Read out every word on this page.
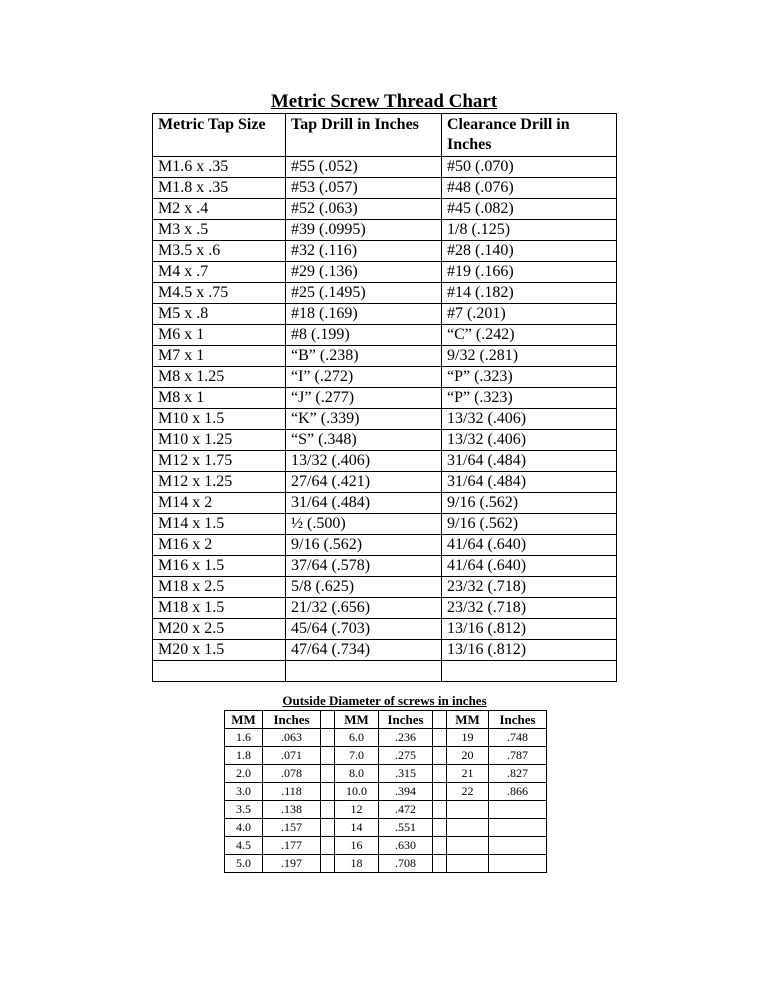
Metric Screw Thread Chart
Metric Tap Size	Tap Drill in Inches	Clearance Drill in Inches
M1.6 x .35	#55 (.052)	#50 (.070)
M1.8 x .35	#53 (.057)	#48 (.076)
M2 x .4	#52 (.063)	#45 (.082)
M3 x .5	#39 (.0995)	1/8 (.125)
M3.5 x .6	#32 (.116)	#28 (.140)
M4 x .7	#29 (.136)	#19 (.166)
M4.5 x .75	#25 (.1495)	#14 (.182)
M5 x .8	#18 (.169)	#7 (.201)
M6 x 1	#8 (.199)	“C” (.242)
M7 x 1	“B” (.238)	9/32 (.281)
M8 x 1.25	“I” (.272)	“P” (.323)
M8 x 1	“J” (.277)	“P” (.323)
M10 x 1.5	“K” (.339)	13/32 (.406)
M10 x 1.25	“S” (.348)	13/32 (.406)
M12 x 1.75	13/32 (.406)	31/64 (.484)
M12 x 1.25	27/64 (.421)	31/64 (.484)
M14 x 2	31/64 (.484)	9/16 (.562)
M14 x 1.5	½ (.500)	9/16 (.562)
M16 x 2	9/16 (.562)	41/64 (.640)
M16 x 1.5	37/64 (.578)	41/64 (.640)
M18 x 2.5	5/8 (.625)	23/32 (.718)
M18 x 1.5	21/32 (.656)	23/32 (.718)
M20 x 2.5	45/64 (.703)	13/16 (.812)
M20 x 1.5	47/64 (.734)	13/16 (.812)

Outside Diameter of screws in inches
MM	Inches		MM	Inches		MM	Inches
1.6	.063		6.0	.236		19	.748
1.8	.071		7.0	.275		20	.787
2.0	.078		8.0	.315		21	.827
3.0	.118		10.0	.394		22	.866
3.5	.138		12	.472			
4.0	.157		14	.551			
4.5	.177		16	.630			
5.0	.197		18	.708			
